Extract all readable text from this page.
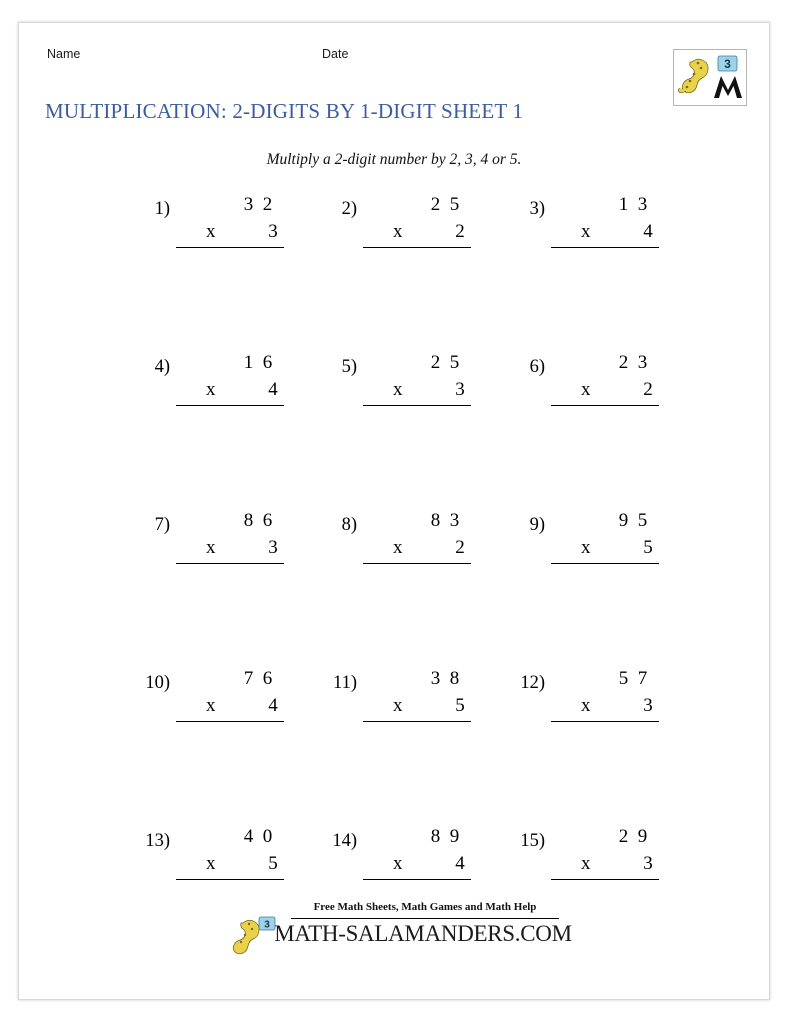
Name	Date
3
MULTIPLICATION: 2-DIGITS BY 1-DIGIT SHEET 1
Multiply a 2-digit number by 2, 3, 4 or 5.
1)	3  2
x	3
2)	2  5
x	2
3)	1  3
x	4
4)	1  6
x	4
5)	2  5
x	3
6)	2  3
x	2
7)	8  6
x	3
8)	8  3
x	2
9)	9  5
x	5
10)	7  6
x	4
11)	3  8
x	5
12)	5  7
x	3
13)	4  0
x	5
14)	8  9
x	4
15)	2  9
x	3
3
Free Math Sheets, Math Games and Math Help
MATH-SALAMANDERS.COM
